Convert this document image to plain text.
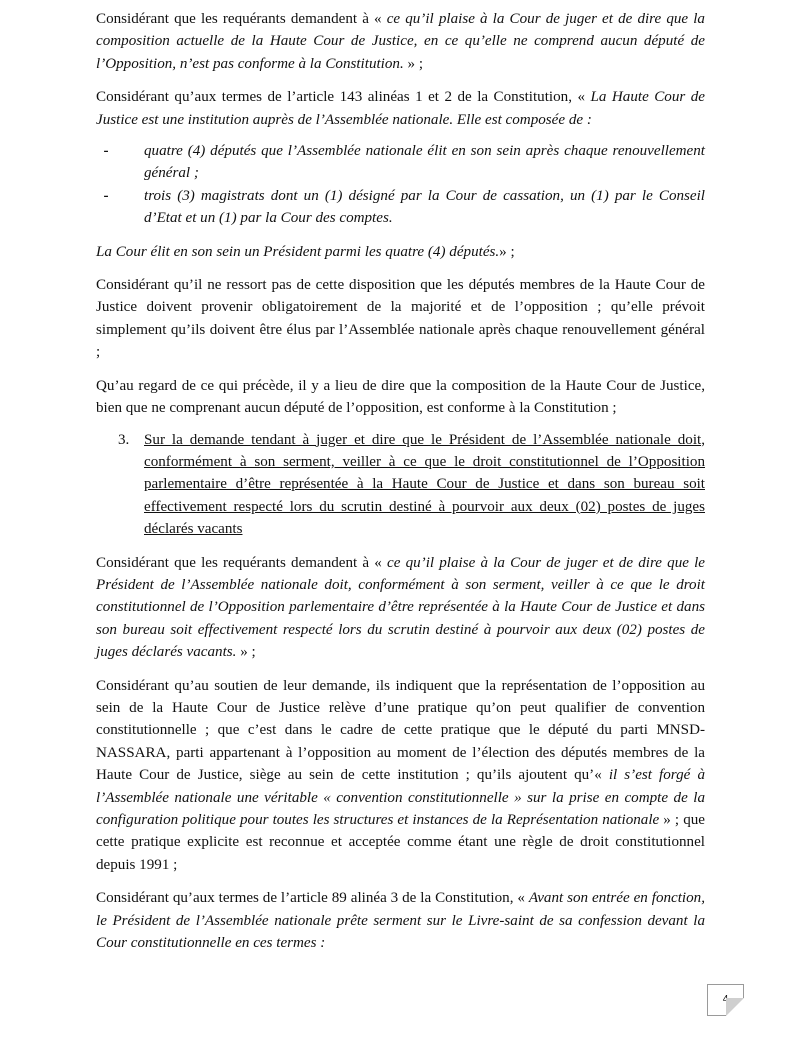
Considérant que les requérants demandent à « ce qu’il plaise à la Cour de juger et de dire que la composition actuelle de la Haute Cour de Justice, en ce qu’elle ne comprend aucun député de l’Opposition, n’est pas conforme à la Constitution. » ;

Considérant qu’aux termes de l’article 143 alinéas 1 et 2 de la Constitution, « La Haute Cour de Justice est une institution auprès de l’Assemblée nationale. Elle est composée de :

-	quatre (4) députés que l’Assemblée nationale élit en son sein après chaque renouvellement général ;
-	trois (3) magistrats dont un (1) désigné par la Cour de cassation, un (1) par le Conseil d’Etat et un (1) par la Cour des comptes.

La Cour élit en son sein un Président parmi les quatre (4) députés.» ;

Considérant qu’il ne ressort pas de cette disposition que les députés membres de la Haute Cour de Justice doivent provenir obligatoirement de la majorité et de l’opposition ; qu’elle prévoit simplement qu’ils doivent être élus par l’Assemblée nationale après chaque renouvellement général ;

Qu’au regard de ce qui précède, il y a lieu de dire que la composition de la Haute Cour de Justice, bien que ne comprenant aucun député de l’opposition, est conforme à la Constitution ;

3. Sur la demande tendant à juger et dire que le Président de l’Assemblée nationale doit, conformément à son serment, veiller à ce que le droit constitutionnel de l’Opposition parlementaire d’être représentée à la Haute Cour de Justice et dans son bureau soit effectivement respecté lors du scrutin destiné à pourvoir aux deux (02) postes de juges déclarés vacants

Considérant que les requérants demandent à « ce qu’il plaise à la Cour de juger et de dire que le Président de l’Assemblée nationale doit, conformément à son serment, veiller à ce que le droit constitutionnel de l’Opposition parlementaire d’être représentée à la Haute Cour de Justice et dans son bureau soit effectivement respecté lors du scrutin destiné à pourvoir aux deux (02) postes de juges déclarés vacants. » ;

Considérant qu’au soutien de leur demande, ils indiquent que la représentation de l’opposition au sein de la Haute Cour de Justice relève d’une pratique qu’on peut qualifier de convention constitutionnelle ; que c’est dans le cadre de cette pratique que le député du parti MNSD-NASSARA, parti appartenant à l’opposition au moment de l’élection des députés membres de la Haute Cour de Justice, siège au sein de cette institution ; qu’ils ajoutent qu’« il s’est forgé à l’Assemblée nationale une véritable « convention constitutionnelle » sur la prise en compte de la configuration politique pour toutes les structures et instances de la Représentation nationale » ; que cette pratique explicite est reconnue et acceptée comme étant une règle de droit constitutionnel depuis 1991 ;

Considérant qu’aux termes de l’article 89 alinéa 3 de la Constitution, « Avant son entrée en fonction, le Président de l’Assemblée nationale prête serment sur le Livre-saint de sa confession devant la Cour constitutionnelle en ces termes :

4
